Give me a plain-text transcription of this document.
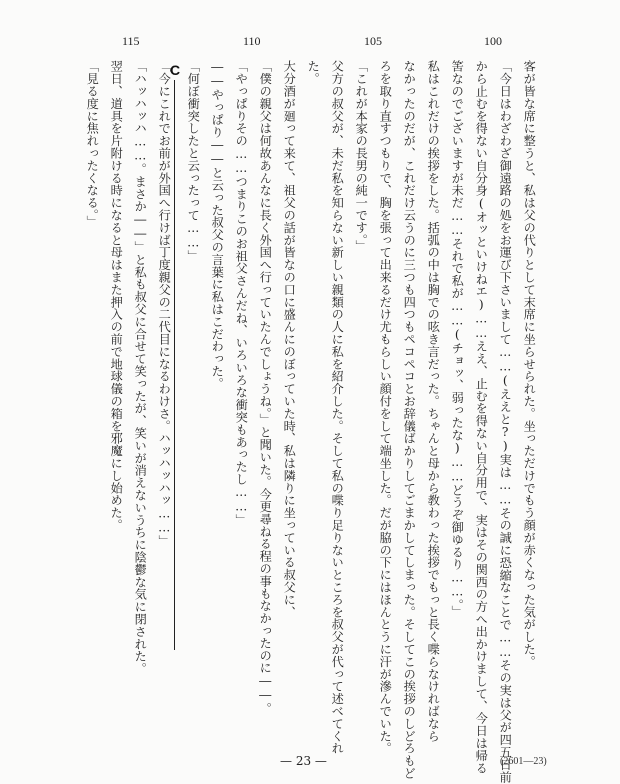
100
105
110
115
客が皆な席に整うと、私は父の代りとして末席に坐らせられた。坐っただけでもう顔が赤くなった気がした。
「今日はわざわざ御遠路の処をお運び下さいまして……(ええと?)実は……その誠に恐縮なことで……その実は父が四五日前
から止むを得ない自分身(オッといけねエ)……ええ、止むを得ない自分用で、実はその関西の方へ出かけまして、今日は帰る
筈なのでございますが未だ……それで私が……(チョッ、弱ったな)……どうぞ御ゆるり……。」
私はこれだけの挨拶をした。括弧の中は胸での呟き言だった。ちゃんと母から教わった挨拶でもっと長く喋らなければなら
なかったのだが、これだけ云うのに三つも四つもペコペコとお辞儀ばかりしてごまかしてしまった。そしてこの挨拶のしどろもど
ろを取り直すつもりで、胸を張って出来るだけ尤もらしい顔付をして端坐した。だが脇の下にはほんとうに汗が滲んでいた。
「これが本家の長男の純一です。」
父方の叔父が、未だ私を知らない新しい親類の人に私を紹介した。そして私の喋り足りないところを叔父が代って述べてくれ
た。
大分酒が廻って来て、祖父の話が皆なの口に盛んにのぼっていた時、私は隣りに坐っている叔父に、
「僕の親父は何故あんなに長く外国へ行っていたんでしょうね。」と聞いた。今更尋ねる程の事もなかったのに――。
「やっぱりその……つまりこのお祖父さんだね、いろいろな衝突もあったし……」
――やっぱり――と云った叔父の言葉に私はこだわった。
「何ぼ衝突したと云ったって……」
「今にこれでお前が外国へ行けば丁度親父の二代目になるわけさ。ハッハッハッ……」
「ハッハッハ……。まさか――」と私も叔父に合せて笑ったが、笑いが消えないうちに陰鬱な気に閉された。
翌日、道具を片附ける時になると母はまた押入の前で地球儀の箱を邪魔にし始めた。
「見る度に焦れったくなる。」	C
— 23 —	(2601—23)
